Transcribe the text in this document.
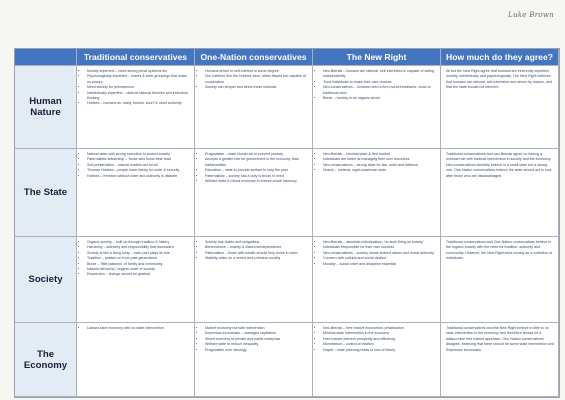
Luke Brown
Traditional conservatives	One-Nation conservatives	The New Right	How much do they agree?
Human
Nature
• Morally imperfect – need strong penal systems etc
• Psychologically imperfect – fearful & seek groupings that make us secure
• Need society for permanence
• Intellectually imperfect – distrust rational theories and individual thinking
• Hobbes – humans as 'nasty, brutish, short' & need authority
• Humans driven to self-interest to some degree
• Not 'ruthless' like the Hobbes view; rather flawed but capable of cooperation
• Society can temper and direct these instincts
• Neo-liberals – humans are rational, self-interested & capable of acting independently
• Trust individuals to make their own choices
• Neo-conservatives – humans need a firm moral framework, close to traditional view
• Burke – 'society is an organic whole'

All but the New Right agree that humans are inherently imperfect morally, intellectually and psychologically. The New Right believes that humans are rational, self-interested and driven by reason, and that the state should not interfere.

The State
• Natural state with strong executive to protect society
• Paternalistic leadership – 'those who know best' lead
• Self-preservation – natural leaders act for all
• Thomas Hobbes – people trade liberty for order & security
• Hobbes – freedom without order and authority is disaster
• Pragmatism – state should act to prevent poverty
• Accepts a greater role for government in the economy than traditionalists
• Education – state to provide welfare to help the poor
• Paternalistic – society has a duty to those in need
• Welfare state & mixed economy to ensure social harmony
• Neo-liberals – minimal state & free market
• Individuals are better at managing their own resources
• Neo-conservatives – strong state for law, order and defence
• Nozick – minimal, night-watchman state

Traditional conservatives and neo-liberals agree on having a minimal role with minimal intervention in society and the economy. Neo-conservatives similarly believe in a small state but a strong one. One-Nation conservatives believe the state should act to look after those who are disadvantaged.

Society
• Organic society – built up through tradition & history
• Hierarchy – authority and responsibility flow downward
• Society is like a living body – each part plays its role
• Tradition – passed on from past generations
• Burke – 'little platoons' of family and community
• Natural hierarchy / organic order of society
• Empiricism – change should be gradual
• Society has duties and obligations
• Benevolence – society & class interdependence
• Paternalism – those with wealth should help those in need
• Stability relies on a united and cohesive society
• Neo-liberals – atomistic individualism; 'no such thing as society'
• Individuals responsible for their own success
• Neo-conservatives – society needs shared values and moral authority
• Concern with cultural and social decline
• Morality – social order and discipline essential

Traditional conservatives and One-Nation conservatives believe in the organic society with the need for tradition, authority and community. However, the New Right sees society as a collection of individuals.

The
Economy
• Laissez-faire economy with no state intervention
•	Market economy but with intervention
• Keynesian economics – managed capitalism
• Mixed economy of private and public enterprise
• Welfare state to reduce inequality
• Pragmatism over ideology
• Neo-liberals – free market economics, privatisation
• Minimal state intervention in the economy
• Free market delivers prosperity and efficiency
• Monetarism – control of inflation
• Hayek – state planning leads to loss of liberty

Traditional conservatives and the New Right believe in little to no state intervention in the economy and feel there should be a laissez-faire free market approach. One-Nation conservatives disagree, believing that there should be some state intervention and Keynesian economics.
